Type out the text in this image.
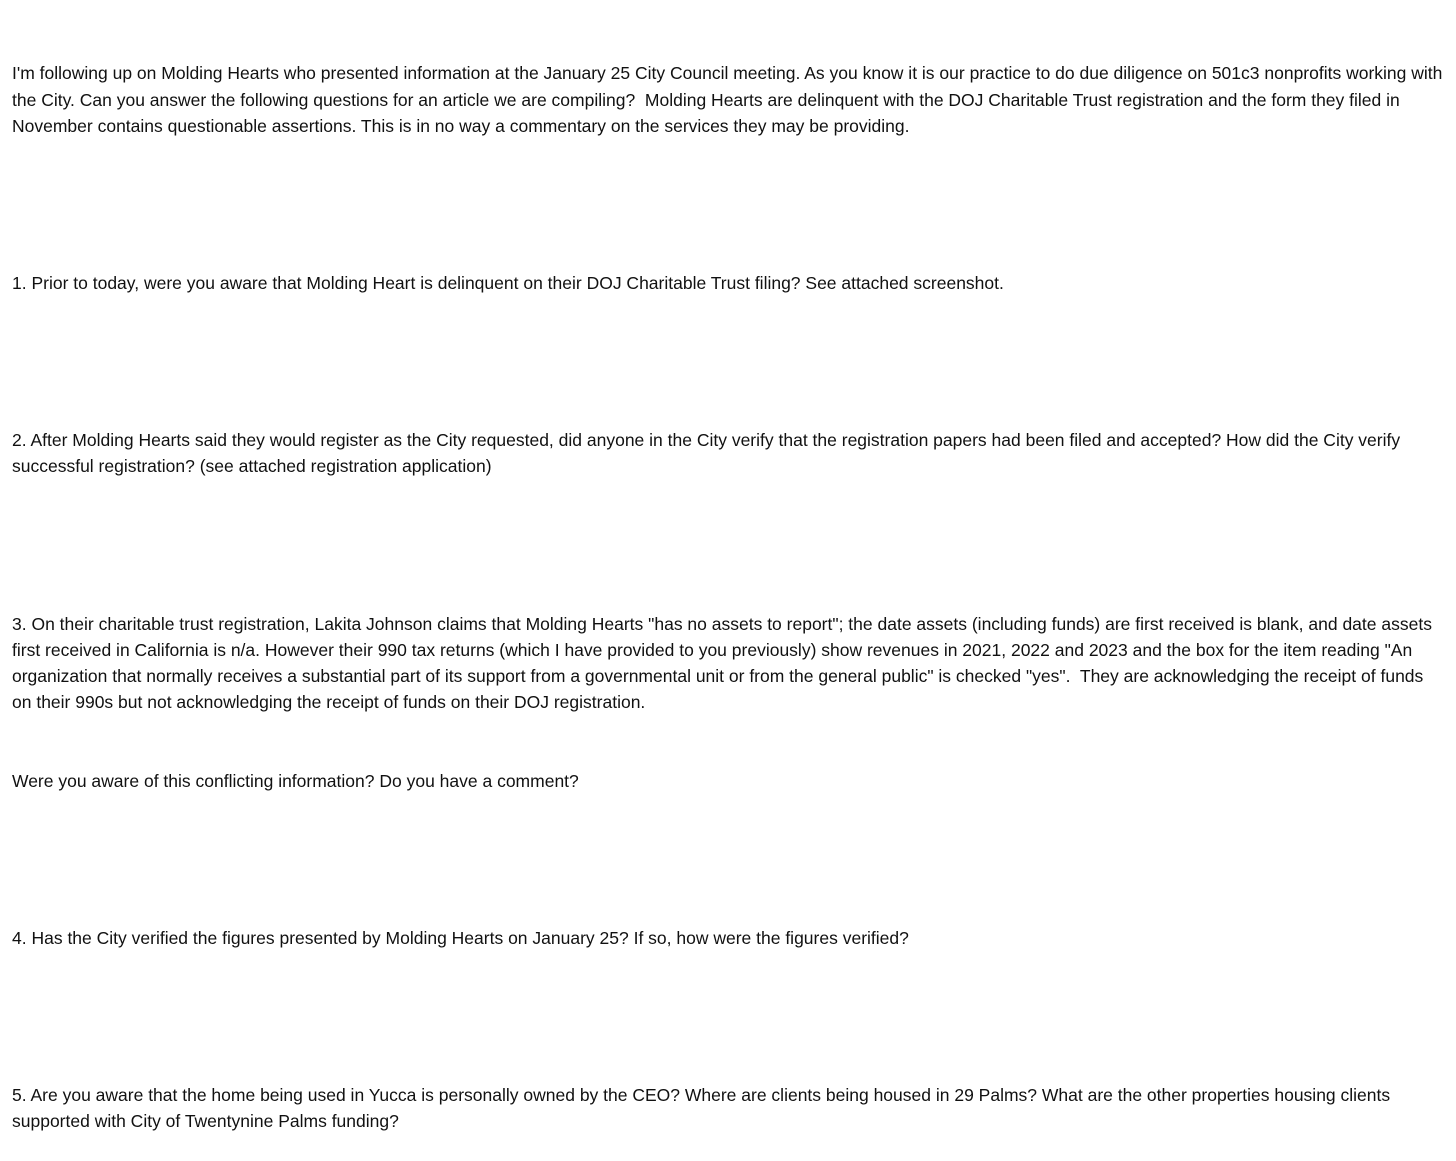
I'm following up on Molding Hearts who presented information at the January 25 City Council meeting. As you know it is our practice to do due diligence on 501c3 nonprofits working with the City. Can you answer the following questions for an article we are compiling?  Molding Hearts are delinquent with the DOJ Charitable Trust registration and the form they filed in November contains questionable assertions. This is in no way a commentary on the services they may be providing.

1. Prior to today, were you aware that Molding Heart is delinquent on their DOJ Charitable Trust filing? See attached screenshot.

2. After Molding Hearts said they would register as the City requested, did anyone in the City verify that the registration papers had been filed and accepted? How did the City verify successful registration? (see attached registration application)

3. On their charitable trust registration, Lakita Johnson claims that Molding Hearts "has no assets to report"; the date assets (including funds) are first received is blank, and date assets first received in California is n/a. However their 990 tax returns (which I have provided to you previously) show revenues in 2021, 2022 and 2023 and the box for the item reading "An organization that normally receives a substantial part of its support from a governmental unit or from the general public" is checked "yes".  They are acknowledging the receipt of funds on their 990s but not acknowledging the receipt of funds on their DOJ registration.

Were you aware of this conflicting information? Do you have a comment?

4. Has the City verified the figures presented by Molding Hearts on January 25? If so, how were the figures verified?

5. Are you aware that the home being used in Yucca is personally owned by the CEO? Where are clients being housed in 29 Palms? What are the other properties housing clients supported with City of Twentynine Palms funding?
